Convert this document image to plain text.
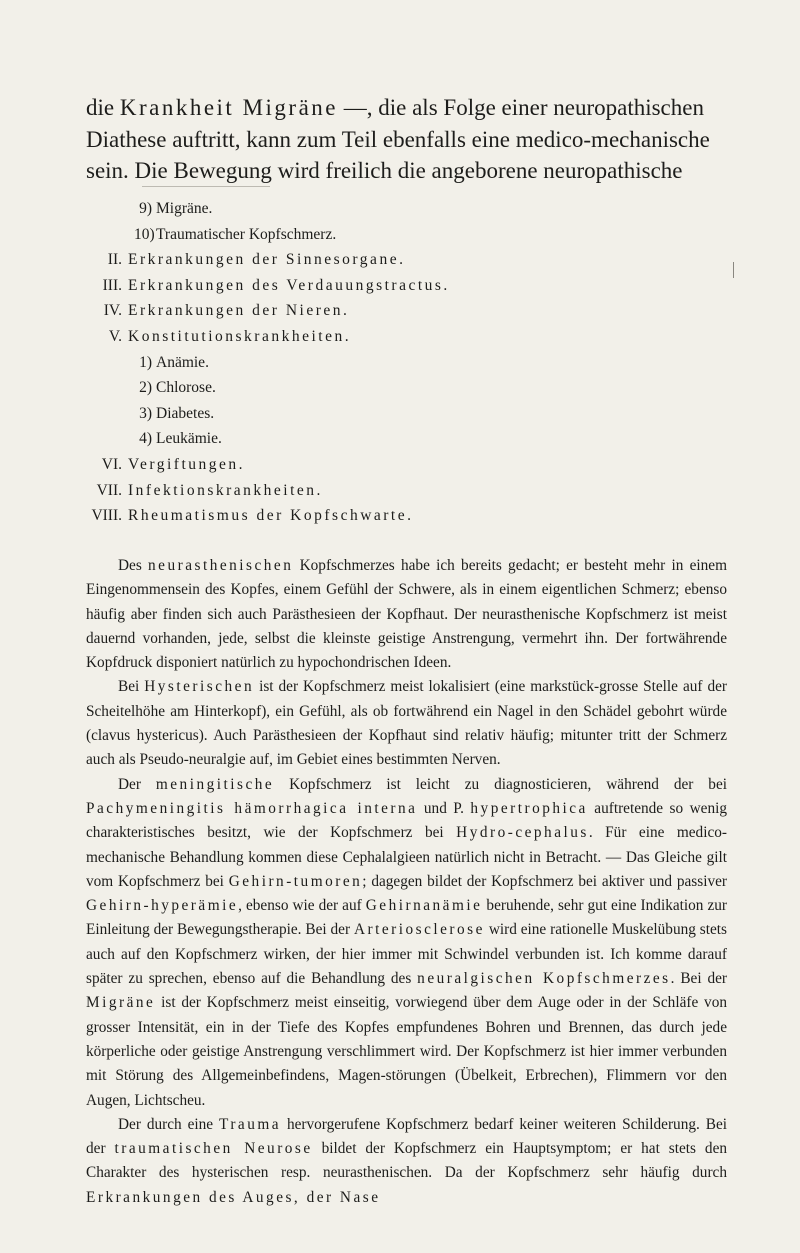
die Krankheit Migräne —, die als Folge einer neuropathischen
Diathese auftritt, kann zum Teil ebenfalls eine medico-mechanische
sein. Die Bewegung wird freilich die angeborene neuropathische
9) Migräne.
10)Traumatischer Kopfschmerz.
II. Erkrankungen der Sinnesorgane.
III. Erkrankungen des Verdauungstractus.
IV. Erkrankungen der Nieren.
V. Konstitutionskrankheiten.
1) Anämie.
2) Chlorose.
3) Diabetes.
4) Leukämie.
VI. Vergiftungen.
VII. Infektionskrankheiten.
VIII. Rheumatismus der Kopfschwarte.

Des neurasthenischen Kopfschmerzes habe ich bereits gedacht; er besteht mehr in einem Eingenommensein des Kopfes, einem Gefühl der Schwere, als in einem eigentlichen Schmerz; ebenso häufig aber finden sich auch Parästhesieen der Kopfhaut. Der neurasthenische Kopfschmerz ist meist dauernd vorhanden, jede, selbst die kleinste geistige Anstrengung, vermehrt ihn. Der fortwährende Kopfdruck disponiert natürlich zu hypochondrischen Ideen.

Bei Hysterischen ist der Kopfschmerz meist lokalisiert (eine markstück-grosse Stelle auf der Scheitelhöhe am Hinterkopf), ein Gefühl, als ob fortwährend ein Nagel in den Schädel gebohrt würde (clavus hystericus). Auch Parästhesieen der Kopfhaut sind relativ häufig; mitunter tritt der Schmerz auch als Pseudo-neuralgie auf, im Gebiet eines bestimmten Nerven.

Der meningitische Kopfschmerz ist leicht zu diagnosticieren, während der bei Pachymeningitis hämorrhagica interna und P. hypertrophica auftretende so wenig charakteristisches besitzt, wie der Kopfschmerz bei Hydro-cephalus. Für eine medico-mechanische Behandlung kommen diese Cephalalgieen natürlich nicht in Betracht. — Das Gleiche gilt vom Kopfschmerz bei Gehirn-tumoren; dagegen bildet der Kopfschmerz bei aktiver und passiver Gehirn-hyperämie, ebenso wie der auf Gehirnanämie beruhende, sehr gut eine Indikation zur Einleitung der Bewegungstherapie. Bei der Arteriosclerose wird eine rationelle Muskelübung stets auch auf den Kopfschmerz wirken, der hier immer mit Schwindel verbunden ist. Ich komme darauf später zu sprechen, ebenso auf die Behandlung des neuralgischen Kopfschmerzes. Bei der Migräne ist der Kopfschmerz meist einseitig, vorwiegend über dem Auge oder in der Schläfe von grosser Intensität, ein in der Tiefe des Kopfes empfundenes Bohren und Brennen, das durch jede körperliche oder geistige Anstrengung verschlimmert wird. Der Kopfschmerz ist hier immer verbunden mit Störung des Allgemeinbefindens, Magen-störungen (Übelkeit, Erbrechen), Flimmern vor den Augen, Lichtscheu.

Der durch eine Trauma hervorgerufene Kopfschmerz bedarf keiner weiteren Schilderung. Bei der traumatischen Neurose bildet der Kopfschmerz ein Hauptsymptom; er hat stets den Charakter des hysterischen resp. neurasthenischen. Da der Kopfschmerz sehr häufig durch Erkrankungen des Auges, der Nase
